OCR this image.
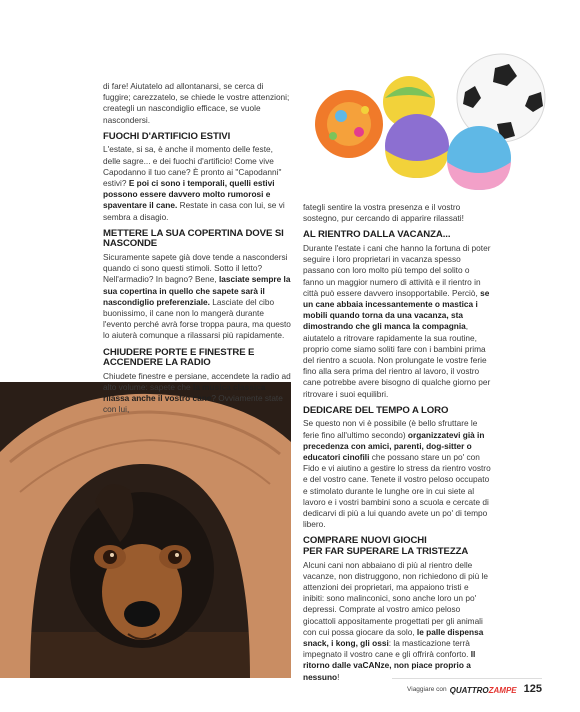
di fare! Aiutatelo ad allontanarsi, se cerca di fuggire; carezzatelo, se chiede le vostre attenzioni; creategli un nascondiglio efficace, se vuole nascondersi.

FUOCHI D'ARTIFICIO ESTIVI

L'estate, si sa, è anche il momento delle feste, delle sagre... e dei fuochi d'artificio! Come vive Capodanno il tuo cane? È pronto ai "Capodanni" estivi? E poi ci sono i temporali, quelli estivi possono essere davvero molto rumorosi e spaventare il cane. Restate in casa con lui, se vi sembra a disagio.

METTERE LA SUA COPERTINA DOVE SI NASCONDE

Sicuramente sapete già dove tende a nascondersi quando ci sono questi stimoli. Sotto il letto? Nell'armadio? In bagno? Bene, lasciate sempre la sua copertina in quello che sapete sarà il nascondiglio preferenziale. Lasciate del cibo buonissimo, il cane non lo mangerà durante l'evento perché avrà forse troppa paura, ma questo lo aiuterà comunque a rilassarsi più rapidamente.

CHIUDERE PORTE E FINESTRE E ACCENDERE LA RADIO

Chiudete finestre e persiane, accendete la radio ad alto volume: sapete che la musica classica rilassa anche il vostro cane? Ovviamente state con lui,

fategli sentire la vostra presenza e il vostro sostegno, pur cercando di apparire rilassati!

AL RIENTRO DALLA VACANZA...

Durante l'estate i cani che hanno la fortuna di poter seguire i loro proprietari in vacanza spesso passano con loro molto più tempo del solito o fanno un maggior numero di attività e il rientro in città può essere davvero insopportabile. Perciò, se un cane abbaia incessantemente o mastica i mobili quando torna da una vacanza, sta dimostrando che gli manca la compagnia, aiutatelo a ritrovare rapidamente la sua routine, proprio come siamo soliti fare con i bambini prima del rientro a scuola. Non prolungate le vostre ferie fino alla sera prima del rientro al lavoro, il vostro cane potrebbe avere bisogno di qualche giorno per ritrovare i suoi equilibri.

DEDICARE DEL TEMPO A LORO

Se questo non vi è possibile (è bello sfruttare le ferie fino all'ultimo secondo) organizzatevi già in precedenza con amici, parenti, dog-sitter o educatori cinofili che possano stare un po' con Fido e vi aiutino a gestire lo stress da rientro vostro e del vostro cane. Tenete il vostro peloso occupato e stimolato durante le lunghe ore in cui siete al lavoro e i vostri bambini sono a scuola e cercate di dedicarvi di più a lui quando avete un po' di tempo libero.

COMPRARE NUOVI GIOCHI
PER FAR SUPERARE LA TRISTEZZA

Alcuni cani non abbaiano di più al rientro delle vacanze, non distruggono, non richiedono di più le attenzioni dei proprietari, ma appaiono tristi e inibiti: sono malinconici, sono anche loro un po' depressi. Comprate al vostro amico peloso giocattoli appositamente progettati per gli animali con cui possa giocare da solo, le palle dispensa snack, i kong, gli ossi: la masticazione terrà impegnato il vostro cane e gli offrirà conforto. Il ritorno dalle vaCANze, non piace proprio a nessuno!

Viaggiare con QUATTROZAMPE 125
